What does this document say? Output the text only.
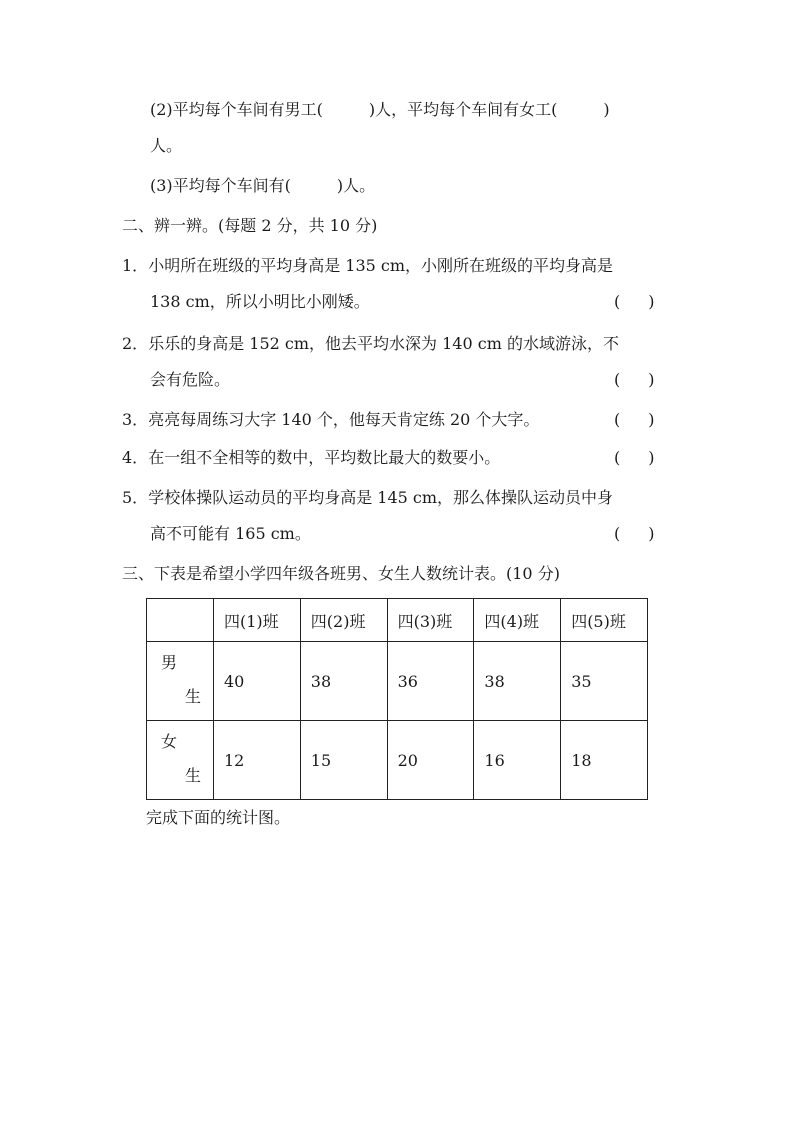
(2)平均每个车间有男工(	)人，平均每个车间有女工(	)
人。
(3)平均每个车间有(	)人。
二、辨一辨。(每题 2 分，共 10 分)
1．小明所在班级的平均身高是 135 cm，小刚所在班级的平均身高是
138 cm，所以小明比小刚矮。	( )
2．乐乐的身高是 152 cm，他去平均水深为 140 cm 的水域游泳，不
会有危险。	( )
3．亮亮每周练习大字 140 个，他每天肯定练 20 个大字。	( )
4．在一组不全相等的数中，平均数比最大的数要小。	( )
5．学校体操队运动员的平均身高是 145 cm，那么体操队运动员中身
高不可能有 165 cm。	( )
三、下表是希望小学四年级各班男、女生人数统计表。(10 分)
	四(1)班	四(2)班	四(3)班	四(4)班	四(5)班

男
生	40	38	36	38	35

女
生	12	15	20	16	18
完成下面的统计图。
